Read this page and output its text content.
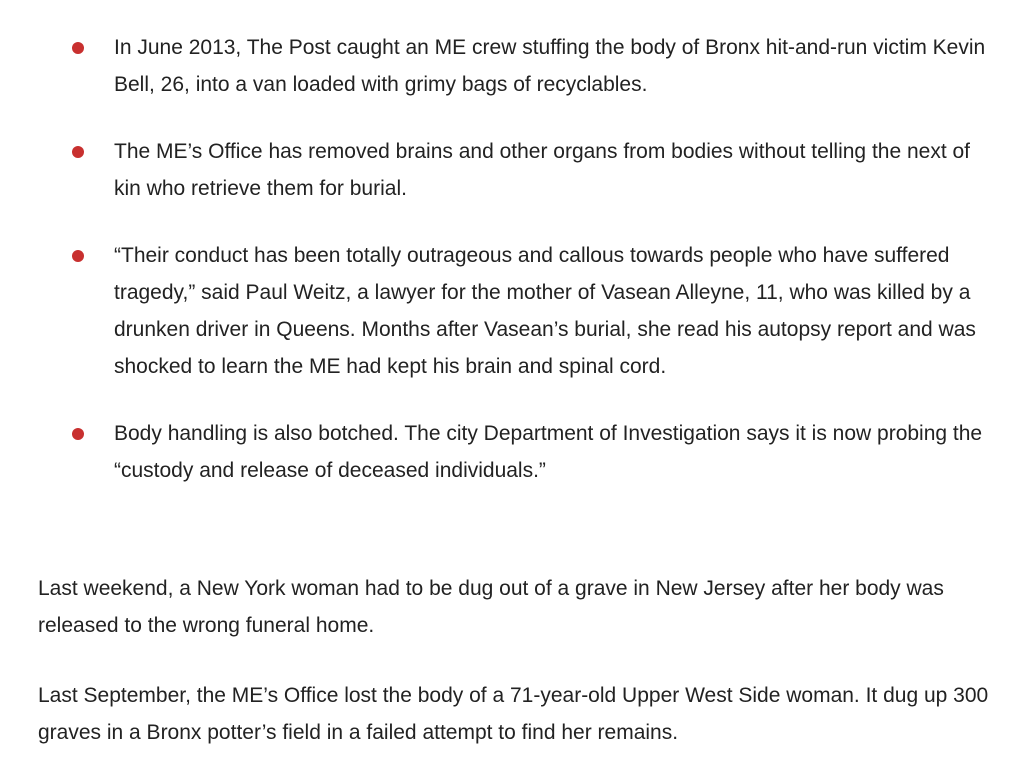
In June 2013, The Post caught an ME crew stuffing the body of Bronx hit-and-run victim Kevin Bell, 26, into a van loaded with grimy bags of recyclables.

The ME’s Office has removed brains and other organs from bodies without telling the next of kin who retrieve them for burial.

“Their conduct has been totally outrageous and callous towards people who have suffered tragedy,” said Paul Weitz, a lawyer for the mother of Vasean Alleyne, 11, who was killed by a drunken driver in Queens. Months after Vasean’s burial, she read his autopsy report and was shocked to learn the ME had kept his brain and spinal cord.

Body handling is also botched. The city Department of Investigation says it is now probing the “custody and release of deceased individuals.”

Last weekend, a New York woman had to be dug out of a grave in New Jersey after her body was released to the wrong funeral home.

Last September, the ME’s Office lost the body of a 71-year-old Upper West Side woman. It dug up 300 graves in a Bronx potter’s field in a failed attempt to find her remains.
